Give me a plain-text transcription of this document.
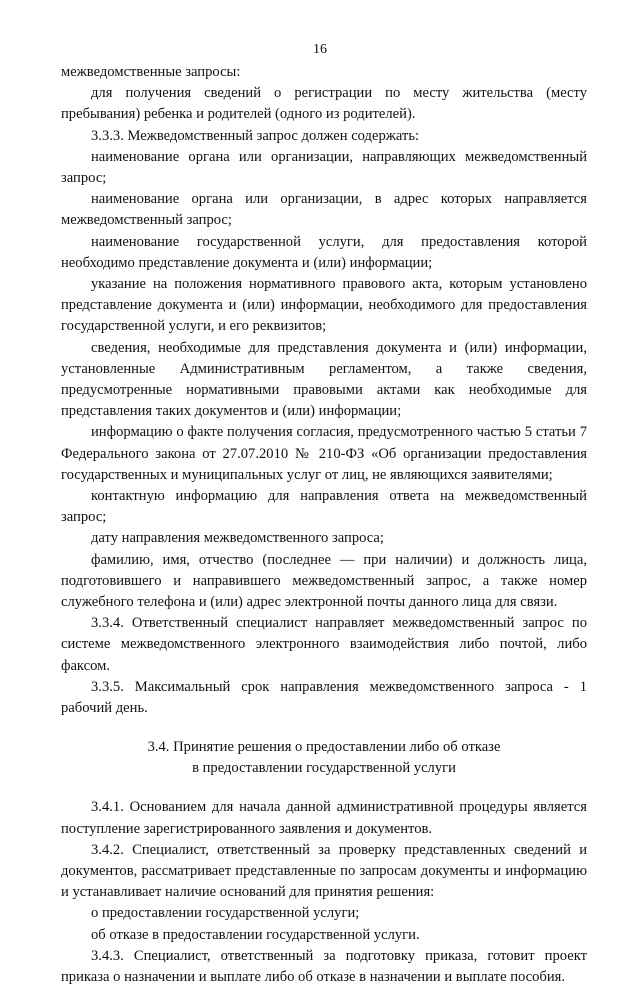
16

межведомственные запросы:

для получения сведений о регистрации по месту жительства (месту пребывания) ребенка и родителей (одного из родителей).

3.3.3. Межведомственный запрос должен содержать:

наименование органа или организации, направляющих межведомственный запрос;

наименование органа или организации, в адрес которых направляется межведомственный запрос;

наименование государственной услуги, для предоставления которой необходимо представление документа и (или) информации;

указание на положения нормативного правового акта, которым установлено представление документа и (или) информации, необходимого для предоставления государственной услуги, и его реквизитов;

сведения, необходимые для представления документа и (или) информации, установленные Административным регламентом, а также сведения, предусмотренные нормативными правовыми актами как необходимые для представления таких документов и (или) информации;

информацию о факте получения согласия, предусмотренного частью 5 статьи 7 Федерального закона от 27.07.2010 № 210-ФЗ «Об организации предоставления государственных и муниципальных услуг от лиц, не являющихся заявителями;

контактную информацию для направления ответа на межведомственный запрос;

дату направления межведомственного запроса;

фамилию, имя, отчество (последнее — при наличии) и должность лица, подготовившего и направившего межведомственный запрос, а также номер служебного телефона и (или) адрес электронной почты данного лица для связи.

3.3.4. Ответственный специалист направляет межведомственный запрос по системе межведомственного электронного взаимодействия либо почтой, либо факсом.

3.3.5. Максимальный срок направления межведомственного запроса - 1 рабочий день.

3.4. Принятие решения о предоставлении либо об отказе
в предоставлении государственной услуги

3.4.1. Основанием для начала данной административной процедуры является поступление зарегистрированного заявления и документов.

3.4.2. Специалист, ответственный за проверку представленных сведений и документов, рассматривает представленные по запросам документы и информацию и устанавливает наличие оснований для принятия решения:

о предоставлении государственной услуги;

об отказе в предоставлении государственной услуги.

3.4.3. Специалист, ответственный за подготовку приказа, готовит проект приказа о назначении и выплате либо об отказе в назначении и выплате пособия.
